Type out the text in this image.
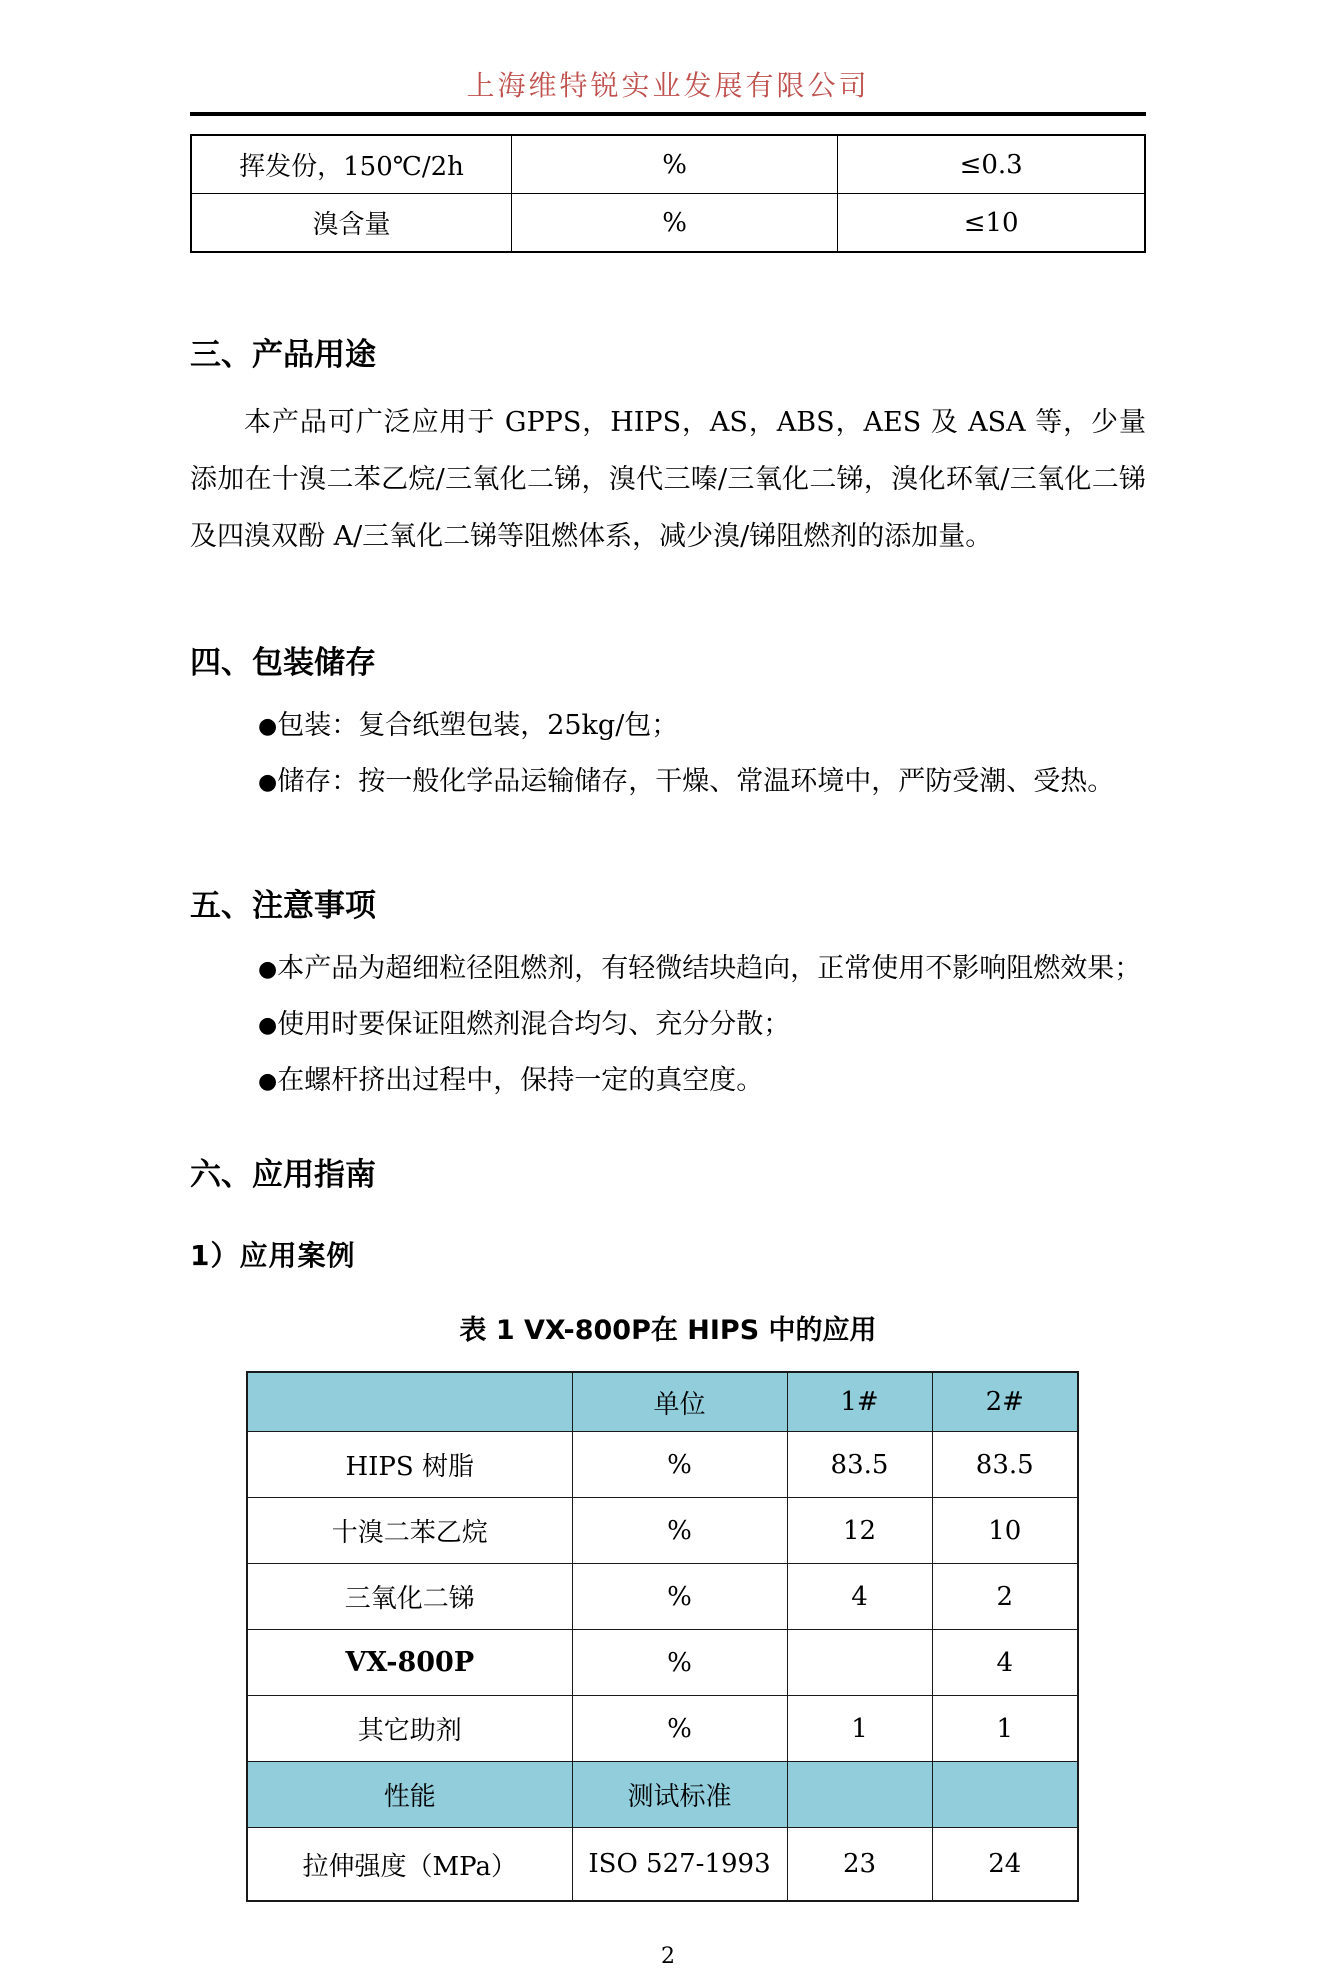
上海维特锐实业发展有限公司
挥发份，150℃/2h	%	≤0.3
溴含量	%	≤10
三、产品用途

本产品可广泛应用于 GPPS，HIPS，AS，ABS，AES 及 ASA 等，少量添加在十溴二苯乙烷/三氧化二锑，溴代三嗪/三氧化二锑，溴化环氧/三氧化二锑及四溴双酚 A/三氧化二锑等阻燃体系，减少溴/锑阻燃剂的添加量。

四、包装储存
●包装：复合纸塑包装，25kg/包；
●储存：按一般化学品运输储存，干燥、常温环境中，严防受潮、受热。
五、注意事项
●本产品为超细粒径阻燃剂，有轻微结块趋向，正常使用不影响阻燃效果；
●使用时要保证阻燃剂混合均匀、充分分散；
●在螺杆挤出过程中，保持一定的真空度。
六、应用指南
1）应用案例
表 1 VX-800P在 HIPS 中的应用
	单位	1#	2#
HIPS 树脂	%	83.5	83.5
十溴二苯乙烷	%	12	10
三氧化二锑	%	4	2
VX-800P	%		4
其它助剂	%	1	1
性能	测试标准		
拉伸强度（MPa）	ISO 527-1993	23	24
2
